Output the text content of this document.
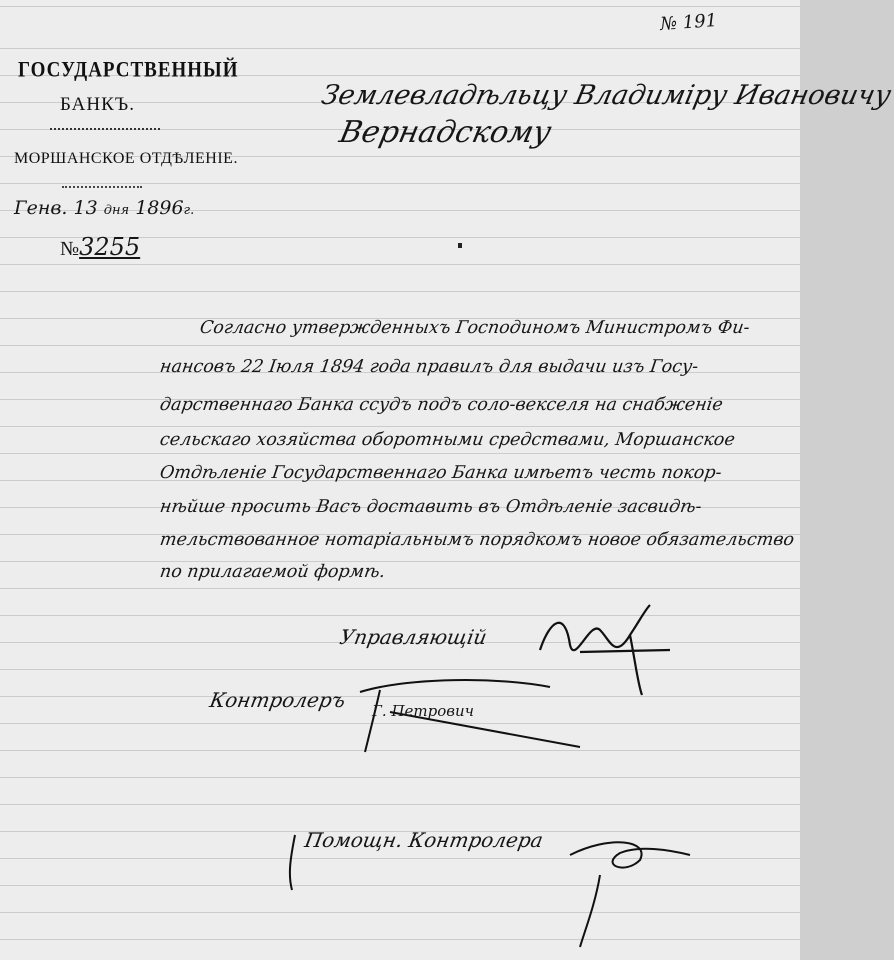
№ 191
ГОСУДАРСТВЕННЫЙ
БАНКЪ.
МОРШАНСКОЕ ОТДѢЛЕНІЕ.
Генв. 13 дня 1896г.
№3255
Землевладѣльцу Владиміру Ивановичу
Вернадскому
Согласно утвержденныхъ Господиномъ Министромъ Фи-
нансовъ 22 Іюля 1894 года правилъ для выдачи изъ Госу-
дарственнаго Банка ссудъ подъ соло-векселя на снабженіе
сельскаго хозяйства оборотными средствами, Моршанское
Отдѣленіе Государственнаго Банка имѣетъ честь покор-
нѣйше просить Васъ доставить въ Отдѣленіе засвидѣ-
тельствованное нотаріальнымъ порядкомъ новое обязательство
по прилагаемой формѣ.
Управляющій
Контролеръ Г. Петрович
Помощн. Контролера
